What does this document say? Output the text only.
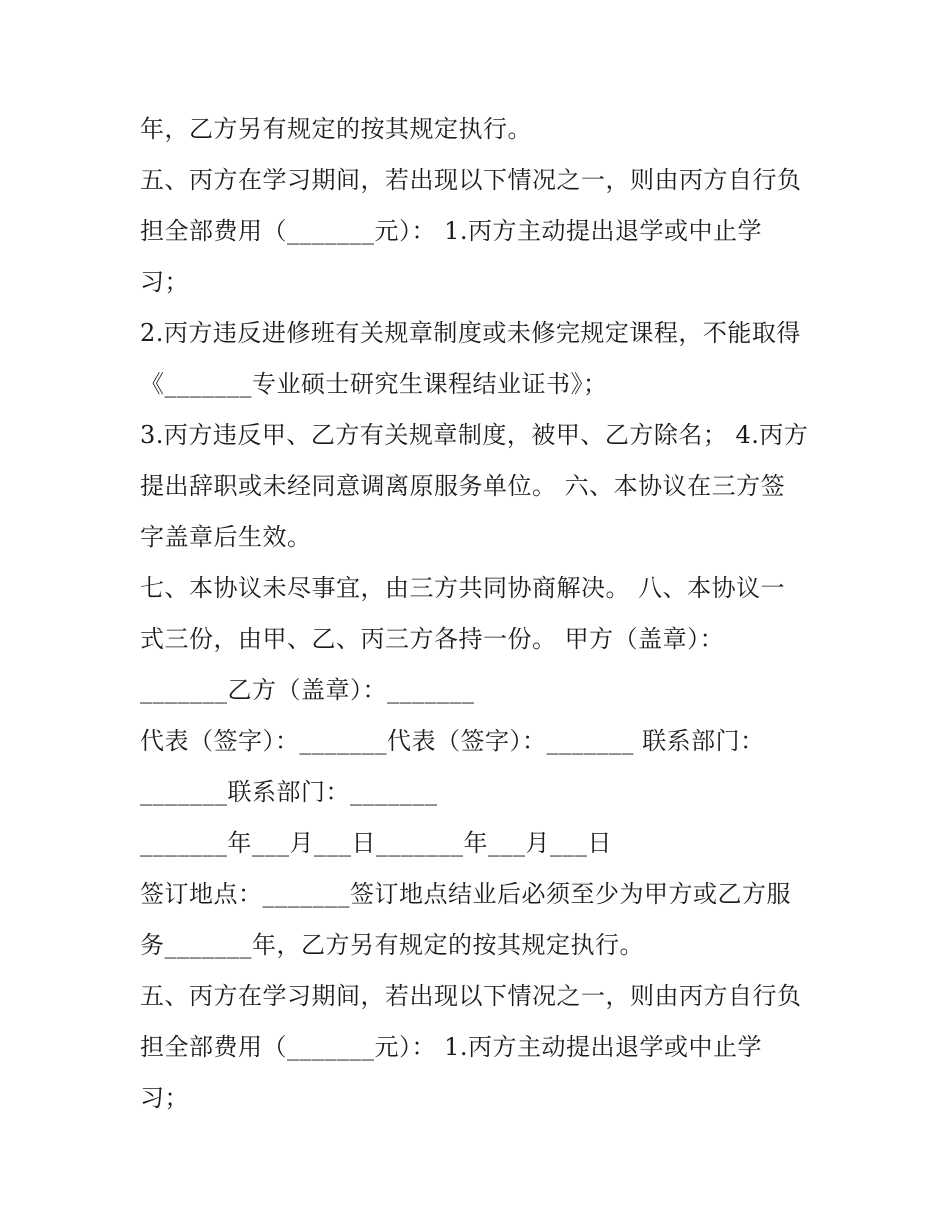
年，乙方另有规定的按其规定执行。
五、丙方在学习期间，若出现以下情况之一，则由丙方自行负
担全部费用（_______元）： 1.丙方主动提出退学或中止学
习；
2.丙方违反进修班有关规章制度或未修完规定课程，不能取得
《_______专业硕士研究生课程结业证书》；
3.丙方违反甲、乙方有关规章制度，被甲、乙方除名； 4.丙方
提出辞职或未经同意调离原服务单位。 六、本协议在三方签
字盖章后生效。
七、本协议未尽事宜，由三方共同协商解决。 八、本协议一
式三份，由甲、乙、丙三方各持一份。 甲方（盖章）：
_______乙方（盖章）：_______
代表（签字）：_______代表（签字）：_______ 联系部门：
_______联系部门：_______
_______年___月___日_______年___月___日
签订地点：_______签订地点结业后必须至少为甲方或乙方服
务_______年，乙方另有规定的按其规定执行。
五、丙方在学习期间，若出现以下情况之一，则由丙方自行负
担全部费用（_______元）： 1.丙方主动提出退学或中止学
习；
